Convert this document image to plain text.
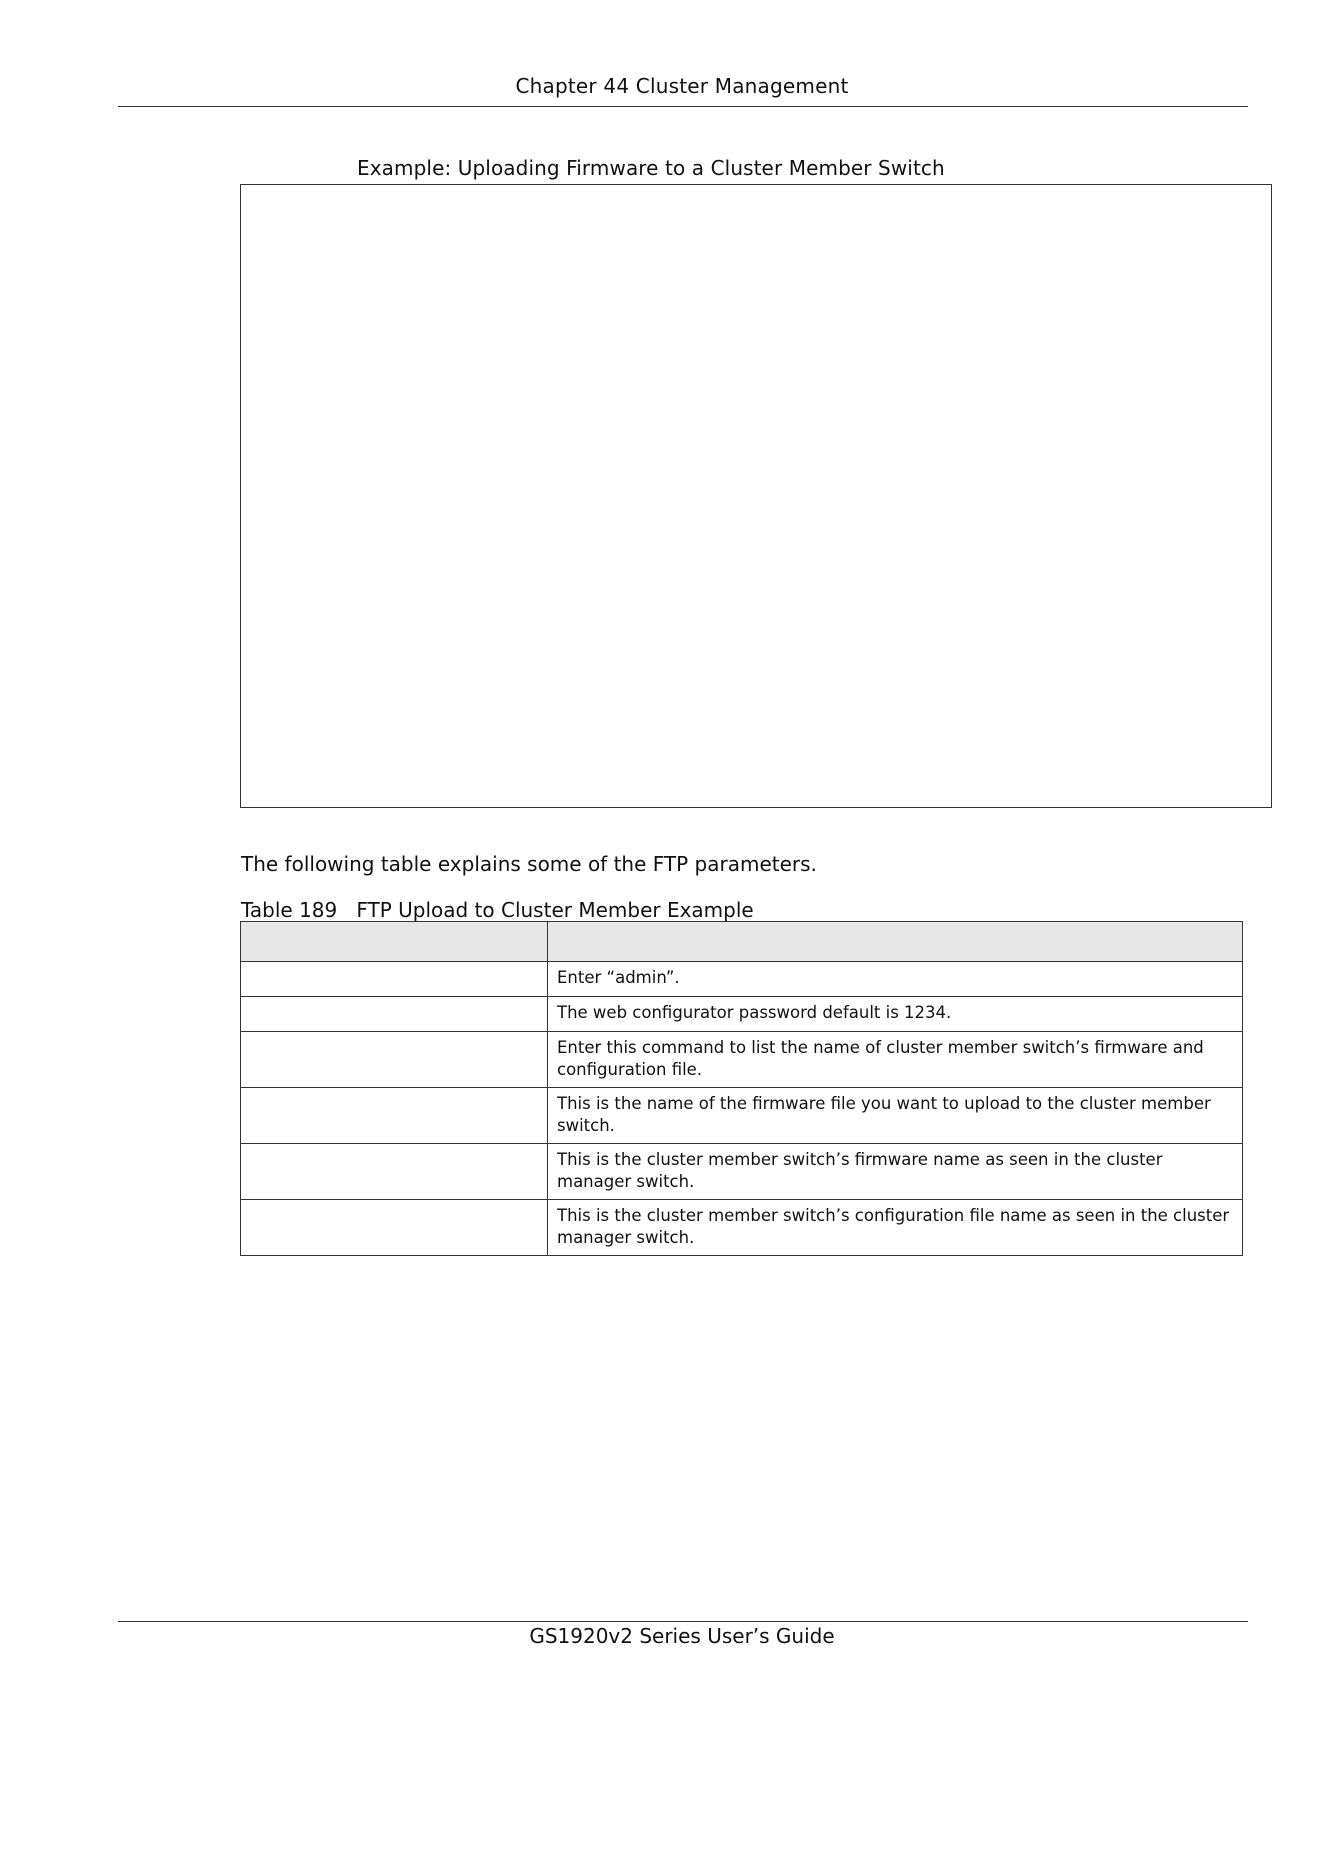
Chapter 44 Cluster Management
Example: Uploading Firmware to a Cluster Member Switch
The following table explains some of the FTP parameters.
Table 189   FTP Upload to Cluster Member Example

	Enter “admin”.
	The web configurator password default is 1234.
	Enter this command to list the name of cluster member switch’s firmware and configuration file.
	This is the name of the firmware file you want to upload to the cluster member switch.
	This is the cluster member switch’s firmware name as seen in the cluster manager switch.
	This is the cluster member switch’s configuration file name as seen in the cluster manager switch.
GS1920v2 Series User’s Guide
